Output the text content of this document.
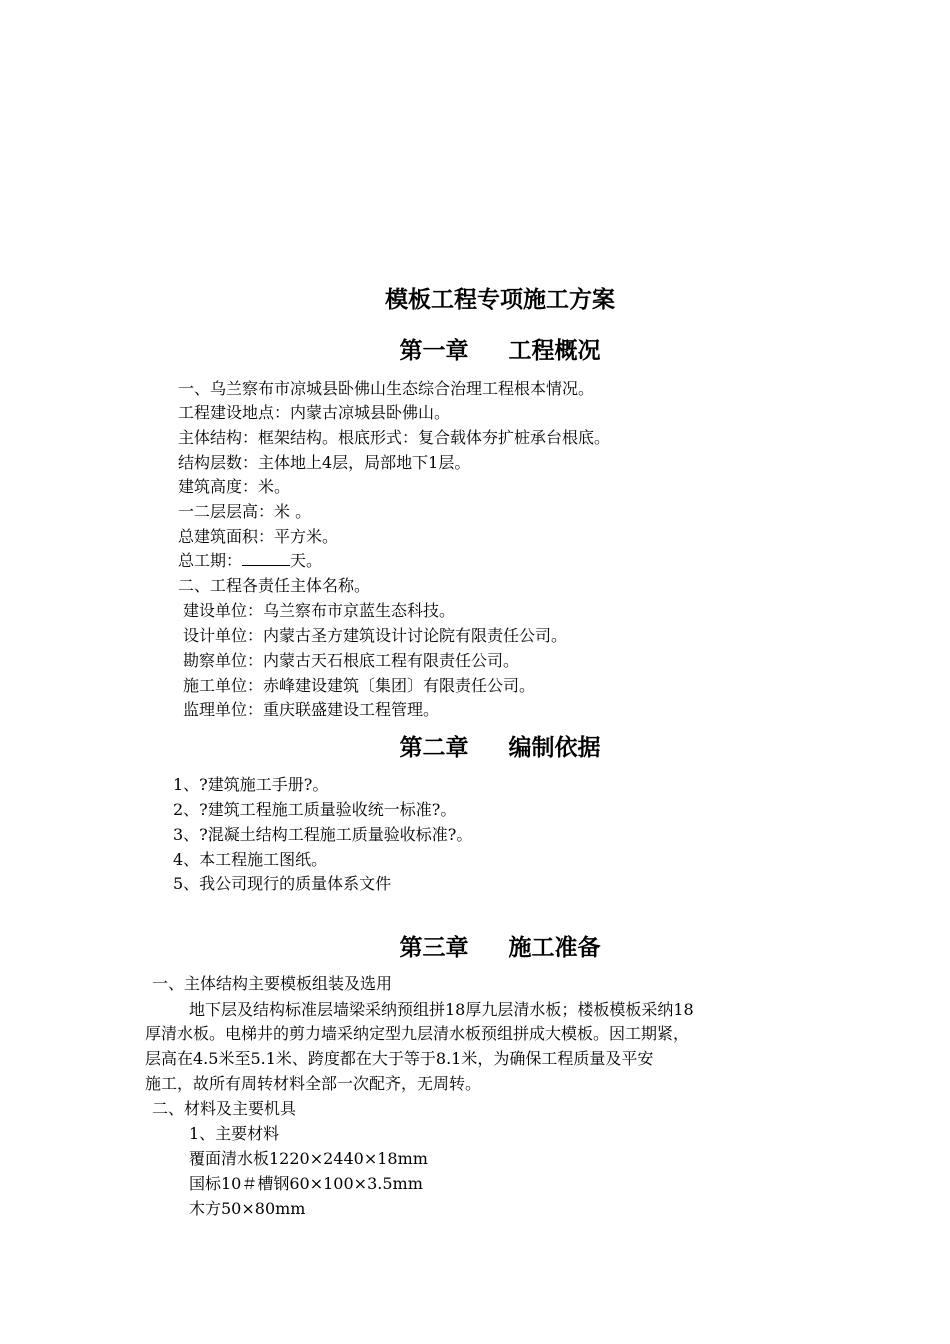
模板工程专项施工方案
第一章 工程概况
一、乌兰察布市凉城县卧佛山生态综合治理工程根本情况。
工程建设地点：内蒙古凉城县卧佛山。
主体结构：框架结构。根底形式：复合载体夯扩桩承台根底。
结构层数：主体地上4层，局部地下1层。
建筑高度：米。
一二层层高：米 。
总建筑面积：平方米。
总工期：	天。
二、工程各责任主体名称。
建设单位：乌兰察布市京蓝生态科技。
设计单位：内蒙古圣方建筑设计讨论院有限责任公司。
勘察单位：内蒙古天石根底工程有限责任公司。
施工单位：赤峰建设建筑〔集团〕有限责任公司。
监理单位：重庆联盛建设工程管理。
第二章 编制依据
1、?建筑施工手册?。
2、?建筑工程施工质量验收统一标准?。
3、?混凝土结构工程施工质量验收标准?。
4、本工程施工图纸。
5、我公司现行的质量体系文件
第三章 施工准备
一、主体结构主要模板组装及选用
地下层及结构标准层墙梁采纳预组拼18厚九层清水板；楼板模板采纳18
厚清水板。电梯井的剪力墙采纳定型九层清水板预组拼成大模板。因工期紧，
层高在4.5米至5.1米、跨度都在大于等于8.1米，为确保工程质量及平安
施工，故所有周转材料全部一次配齐，无周转。
二、材料及主要机具
1、主要材料
覆面清水板1220×2440×18mm
国标10＃槽钢60×100×3.5mm
木方50×80mm
